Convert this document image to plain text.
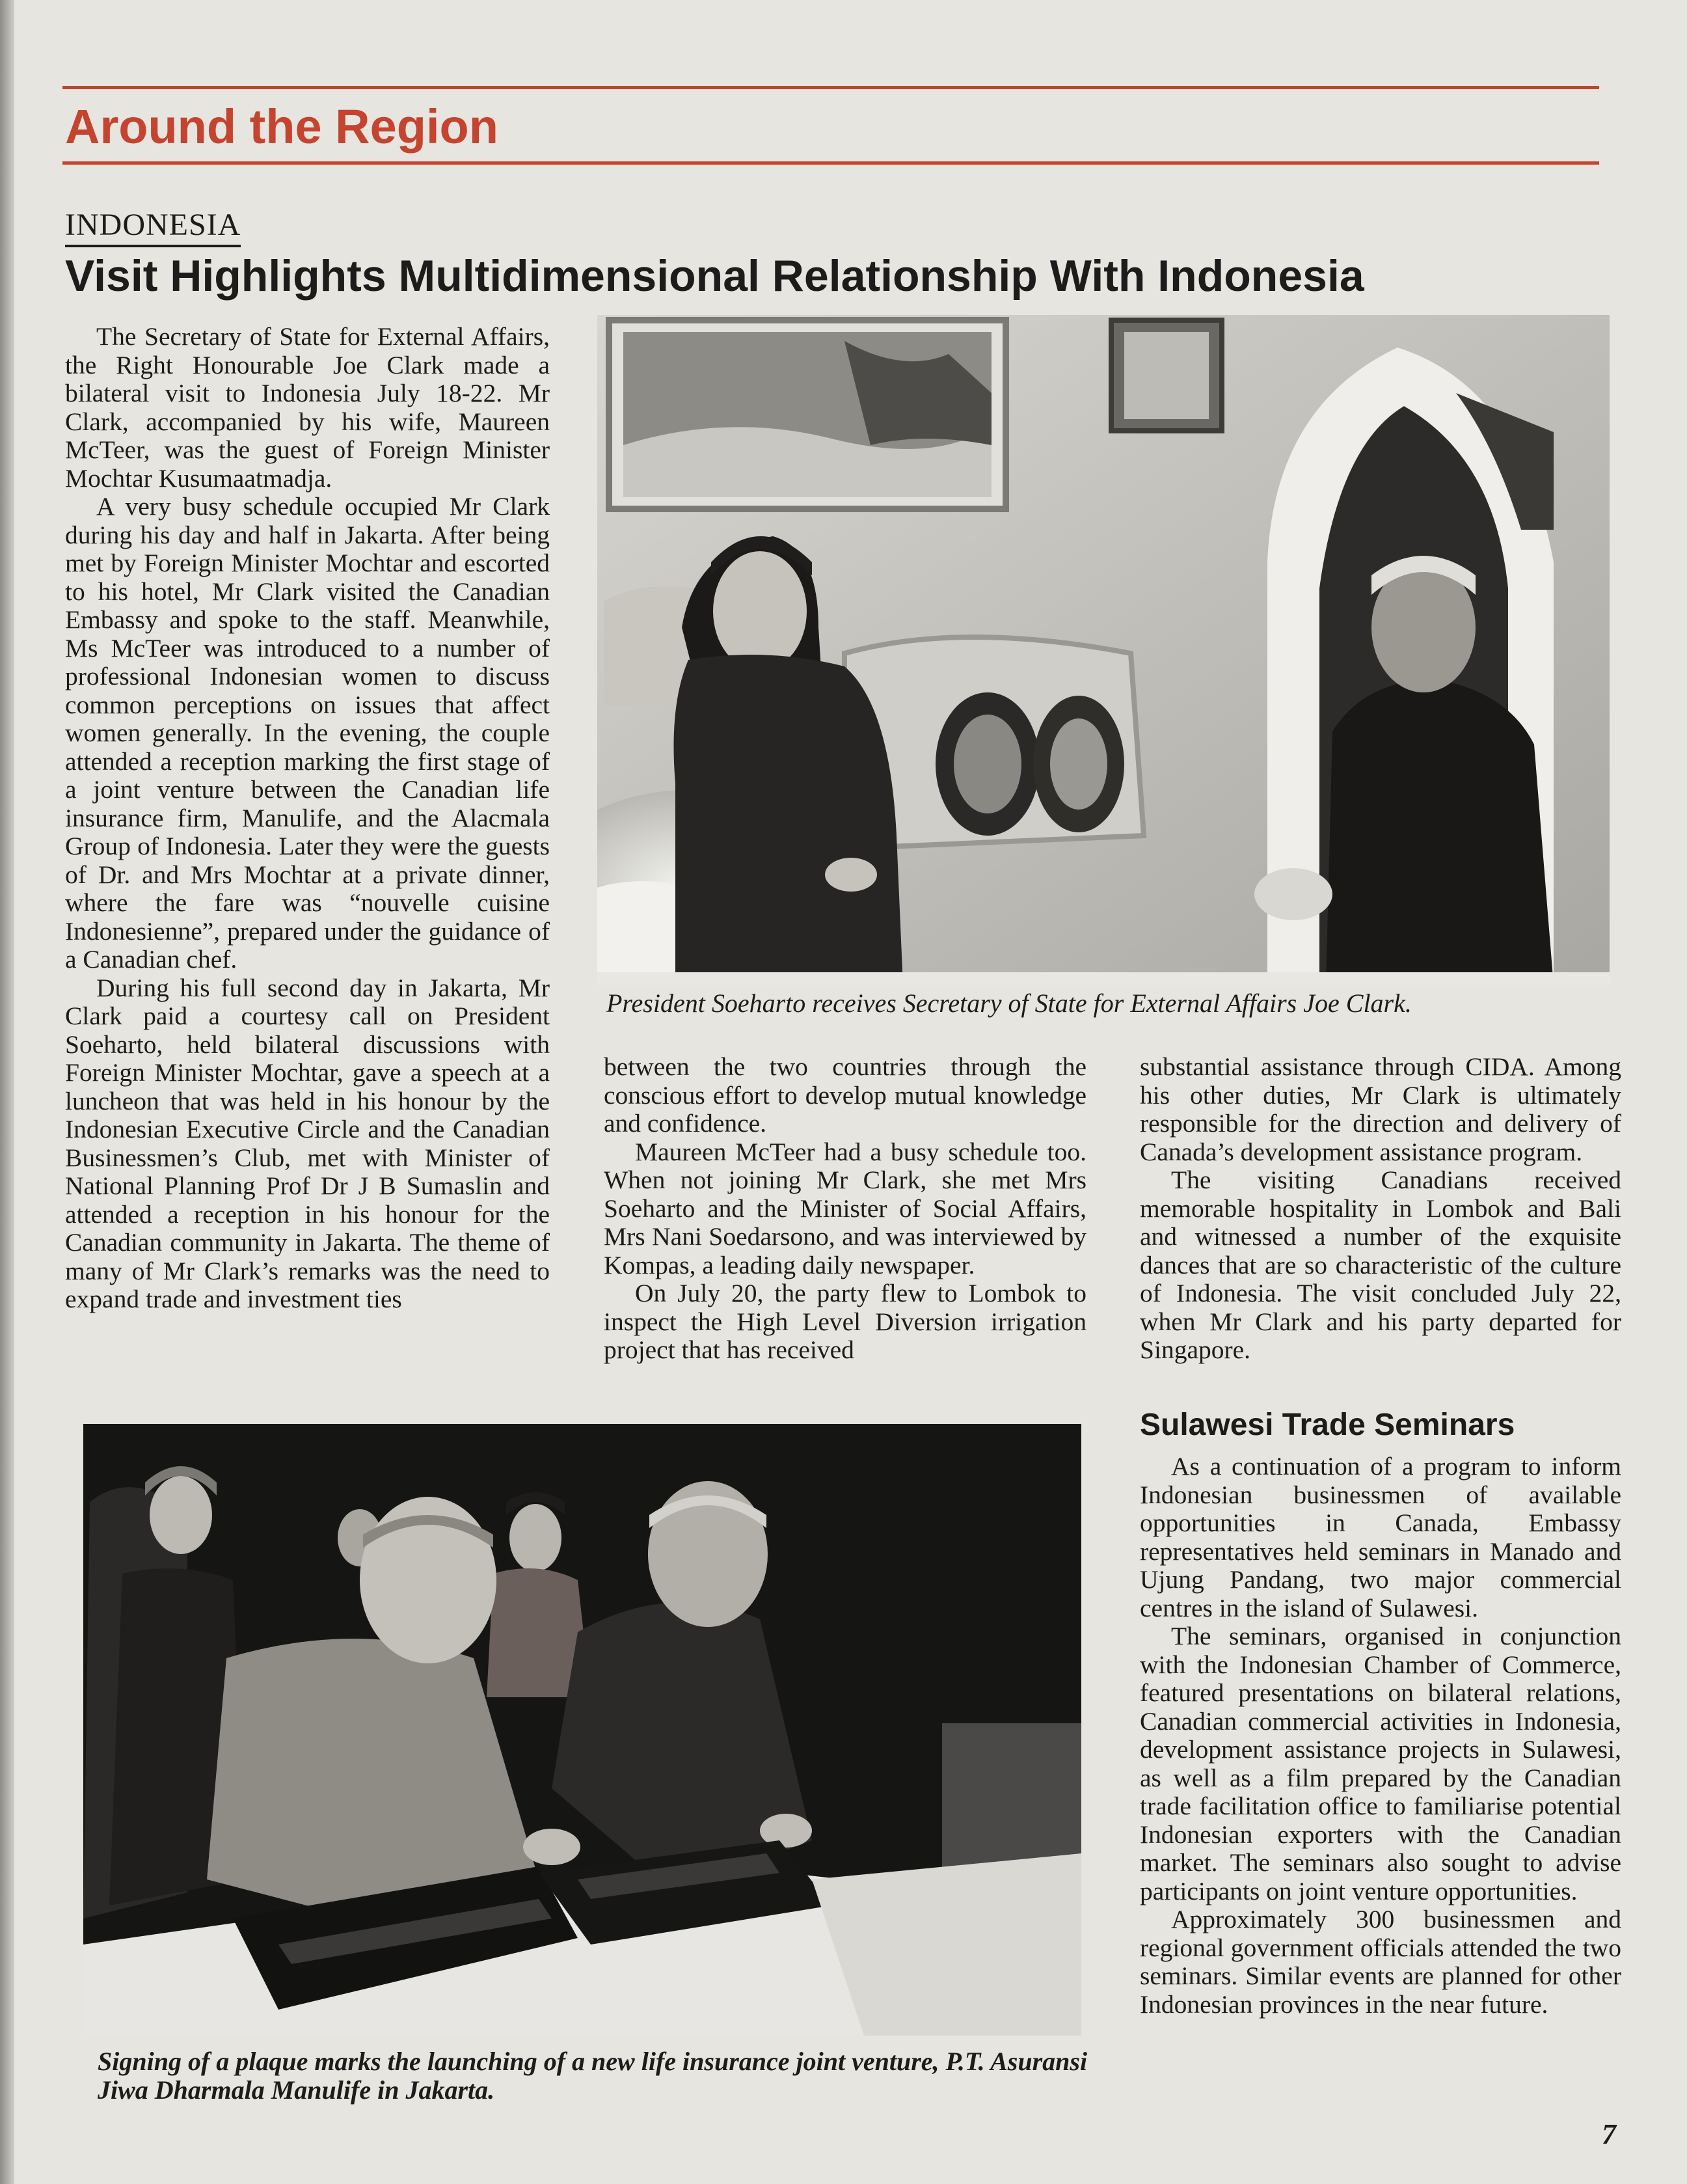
Around the Region
INDONESIA
Visit Highlights Multidimensional Relationship With Indonesia

The Secretary of State for External Affairs, the Right Honourable Joe Clark made a bilateral visit to Indonesia July 18-22. Mr Clark, accompanied by his wife, Maureen McTeer, was the guest of Foreign Minister Mochtar Kusumaatmadja.

A very busy schedule occupied Mr Clark during his day and half in Jakarta. After being met by Foreign Minister Mochtar and escorted to his hotel, Mr Clark visited the Canadian Embassy and spoke to the staff. Meanwhile, Ms McTeer was introduced to a number of professional Indonesian women to discuss common perceptions on issues that affect women generally. In the evening, the couple attended a reception marking the first stage of a joint venture between the Canadian life insurance firm, Manulife, and the Alacmala Group of Indonesia. Later they were the guests of Dr. and Mrs Mochtar at a private dinner, where the fare was “nouvelle cuisine Indonesienne”, prepared under the guidance of a Canadian chef.

During his full second day in Jakarta, Mr Clark paid a courtesy call on President Soeharto, held bilateral discussions with Foreign Minister Mochtar, gave a speech at a luncheon that was held in his honour by the Indonesian Executive Circle and the Canadian Businessmen’s Club, met with Minister of National Planning Prof Dr J B Sumaslin and attended a reception in his honour for the Canadian community in Jakarta. The theme of many of Mr Clark’s remarks was the need to expand trade and investment ties

President Soeharto receives Secretary of State for External Affairs Joe Clark.

between the two countries through the conscious effort to develop mutual knowledge and confidence.

Maureen McTeer had a busy schedule too. When not joining Mr Clark, she met Mrs Soeharto and the Minister of Social Affairs, Mrs Nani Soedarsono, and was interviewed by Kompas, a leading daily newspaper.

On July 20, the party flew to Lombok to inspect the High Level Diversion irrigation project that has received

substantial assistance through CIDA. Among his other duties, Mr Clark is ultimately responsible for the direction and delivery of Canada’s development assistance program.

The visiting Canadians received memorable hospitality in Lombok and Bali and witnessed a number of the exquisite dances that are so characteristic of the culture of Indonesia. The visit concluded July 22, when Mr Clark and his party departed for Singapore.

Sulawesi Trade Seminars

As a continuation of a program to inform Indonesian businessmen of available opportunities in Canada, Embassy representatives held seminars in Manado and Ujung Pandang, two major commercial centres in the island of Sulawesi.

The seminars, organised in conjunction with the Indonesian Chamber of Commerce, featured presentations on bilateral relations, Canadian commercial activities in Indonesia, development assistance projects in Sulawesi, as well as a film prepared by the Canadian trade facilitation office to familiarise potential Indonesian exporters with the Canadian market. The seminars also sought to advise participants on joint venture opportunities.

Approximately 300 businessmen and regional government officials attended the two seminars. Similar events are planned for other Indonesian provinces in the near future.

Signing of a plaque marks the launching of a new life insurance joint venture, P.T. Asuransi Jiwa Dharmala Manulife in Jakarta.
7
